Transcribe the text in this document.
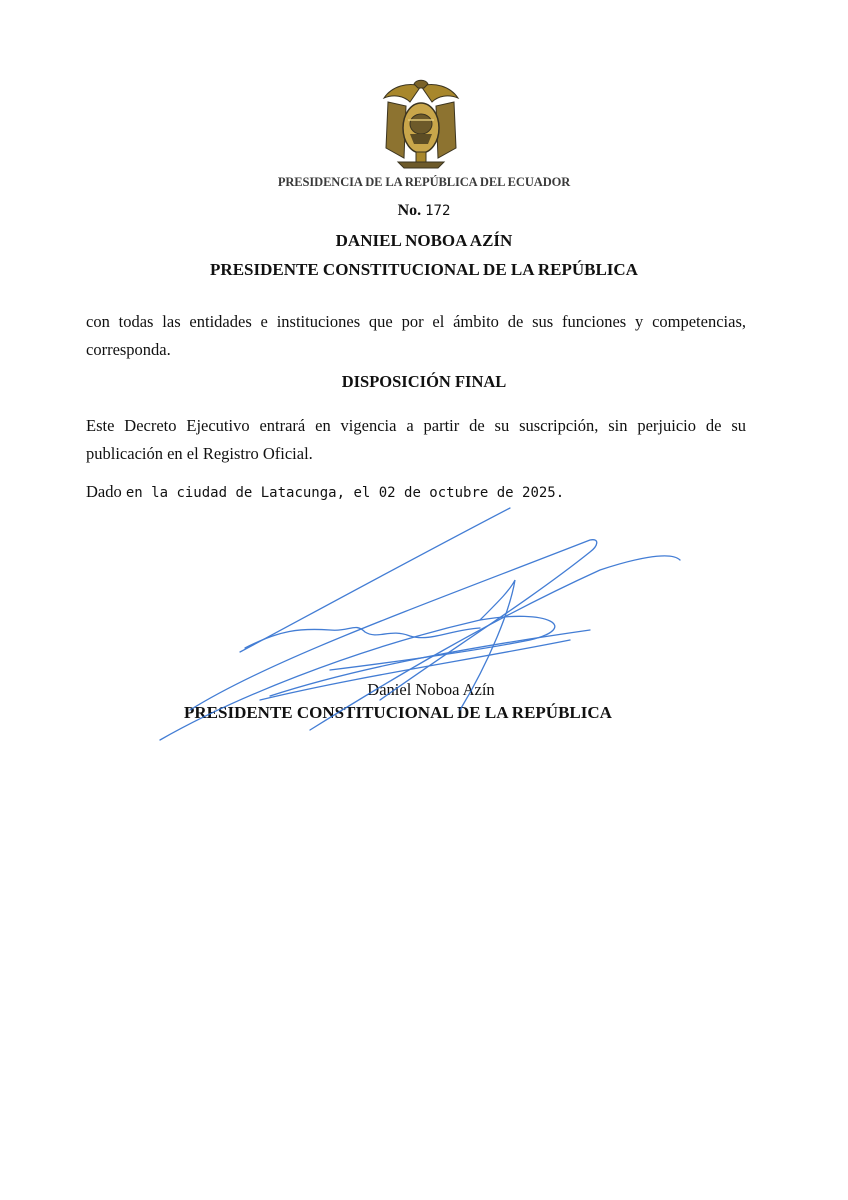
PRESIDENCIA DE LA REPÚBLICA DEL ECUADOR
No. 172
DANIEL NOBOA AZÍN
PRESIDENTE CONSTITUCIONAL DE LA REPÚBLICA
con todas las entidades e instituciones que por el ámbito de sus funciones y competencias, corresponda.
DISPOSICIÓN FINAL
Este Decreto Ejecutivo entrará en vigencia a partir de su suscripción, sin perjuicio de su publicación en el Registro Oficial.
Dado en la ciudad de Latacunga, el 02 de octubre de 2025.
Daniel Noboa Azín
PRESIDENTE CONSTITUCIONAL DE LA REPÚBLICA
